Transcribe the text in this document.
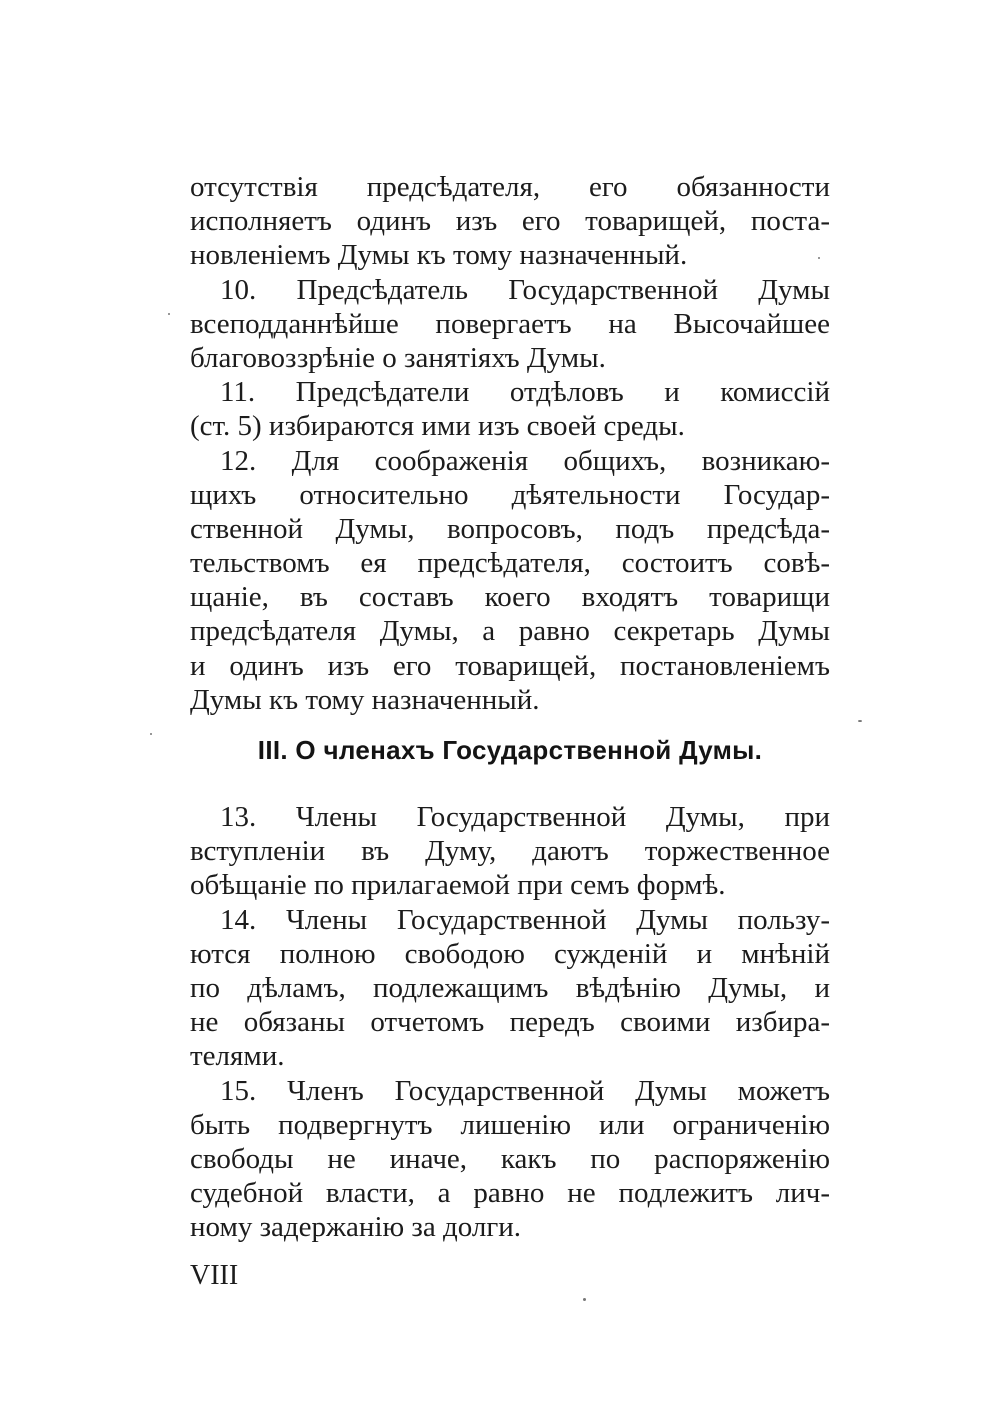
отсутствія предсѣдателя, его обязанности
исполняетъ одинъ изъ его товарищей, поста-
новленіемъ Думы къ тому назначенный.
10. Предсѣдатель Государственной Думы
всеподданнѣйше повергаетъ на Высочайшее
благовоззрѣніе о занятіяхъ Думы.
11. Предсѣдатели отдѣловъ и комиссій
(ст. 5) избираются ими изъ своей среды.
12. Для соображенія общихъ, возникаю-
щихъ относительно дѣятельности Государ-
ственной Думы, вопросовъ, подъ предсѣда-
тельствомъ ея предсѣдателя, состоитъ совѣ-
щаніе, въ составъ коего входятъ товарищи
предсѣдателя Думы, а равно секретарь Думы
и одинъ изъ его товарищей, постановленіемъ
Думы къ тому назначенный.
III. О членахъ Государственной Думы.
13. Члены Государственной Думы, при
вступленіи въ Думу, даютъ торжественное
обѣщаніе по прилагаемой при семъ формѣ.
14. Члены Государственной Думы пользу-
ются полною свободою сужденій и мнѣній
по дѣламъ, подлежащимъ вѣдѣнію Думы, и
не обязаны отчетомъ передъ своими избира-
телями.
15. Членъ Государственной Думы можетъ
быть подвергнутъ лишенію или ограниченію
свободы не иначе, какъ по распоряженію
судебной власти, а равно не подлежитъ лич-
ному задержанію за долги.
VIII
